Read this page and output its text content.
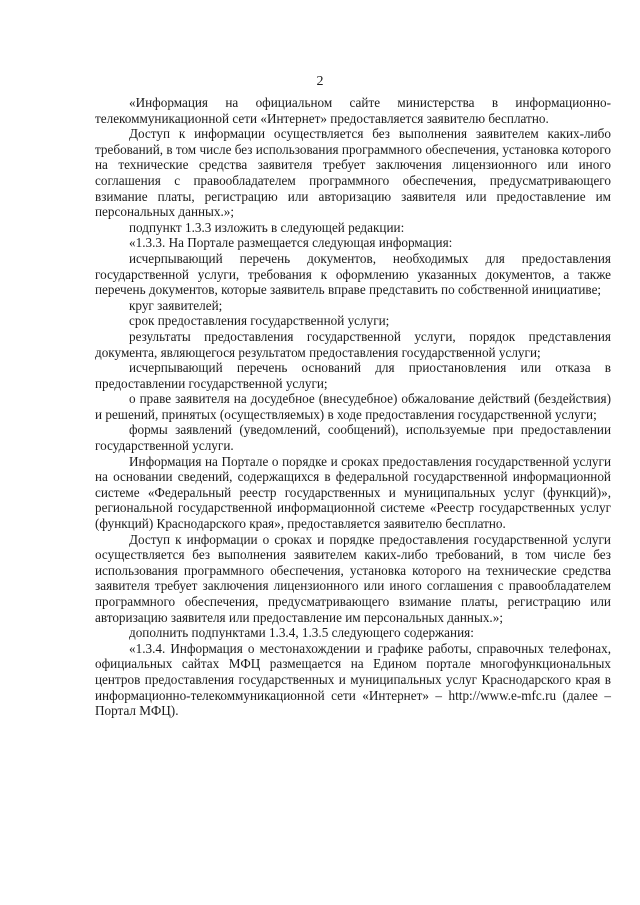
2

«Информация на официальном сайте министерства в информационно-телекоммуникационной сети «Интернет» предоставляется заявителю бесплатно.

Доступ к информации осуществляется без выполнения заявителем каких-либо требований, в том числе без использования программного обеспечения, установка которого на технические средства заявителя требует заключения лицензионного или иного соглашения с правообладателем программного обеспечения, предусматривающего взимание платы, регистрацию или авторизацию заявителя или предоставление им персональных данных.»;

подпункт 1.3.3 изложить в следующей редакции:

«1.3.3. На Портале размещается следующая информация:

исчерпывающий перечень документов, необходимых для предоставления государственной услуги, требования к оформлению указанных документов, а также перечень документов, которые заявитель вправе представить по собственной инициативе;

круг заявителей;

срок предоставления государственной услуги;

результаты предоставления государственной услуги, порядок представления документа, являющегося результатом предоставления государственной услуги;

исчерпывающий перечень оснований для приостановления или отказа в предоставлении государственной услуги;

о праве заявителя на досудебное (внесудебное) обжалование действий (бездействия) и решений, принятых (осуществляемых) в ходе предоставления государственной услуги;

формы заявлений (уведомлений, сообщений), используемые при предоставлении государственной услуги.

Информация на Портале о порядке и сроках предоставления государственной услуги на основании сведений, содержащихся в федеральной государственной информационной системе «Федеральный реестр государственных и муниципальных услуг (функций)», региональной государственной информационной системе «Реестр государственных услуг (функций) Краснодарского края», предоставляется заявителю бесплатно.

Доступ к информации о сроках и порядке предоставления государственной услуги осуществляется без выполнения заявителем каких-либо требований, в том числе без использования программного обеспечения, установка которого на технические средства заявителя требует заключения лицензионного или иного соглашения с правообладателем программного обеспечения, предусматривающего взимание платы, регистрацию или авторизацию заявителя или предоставление им персональных данных.»;

дополнить подпунктами 1.3.4, 1.3.5 следующего содержания:

«1.3.4. Информация о местонахождении и графике работы, справочных телефонах, официальных сайтах МФЦ размещается на Едином портале многофункциональных центров предоставления государственных и муниципальных услуг Краснодарского края в информационно-телекоммуникационной сети «Интернет» – http://www.e-mfc.ru (далее – Портал МФЦ).
